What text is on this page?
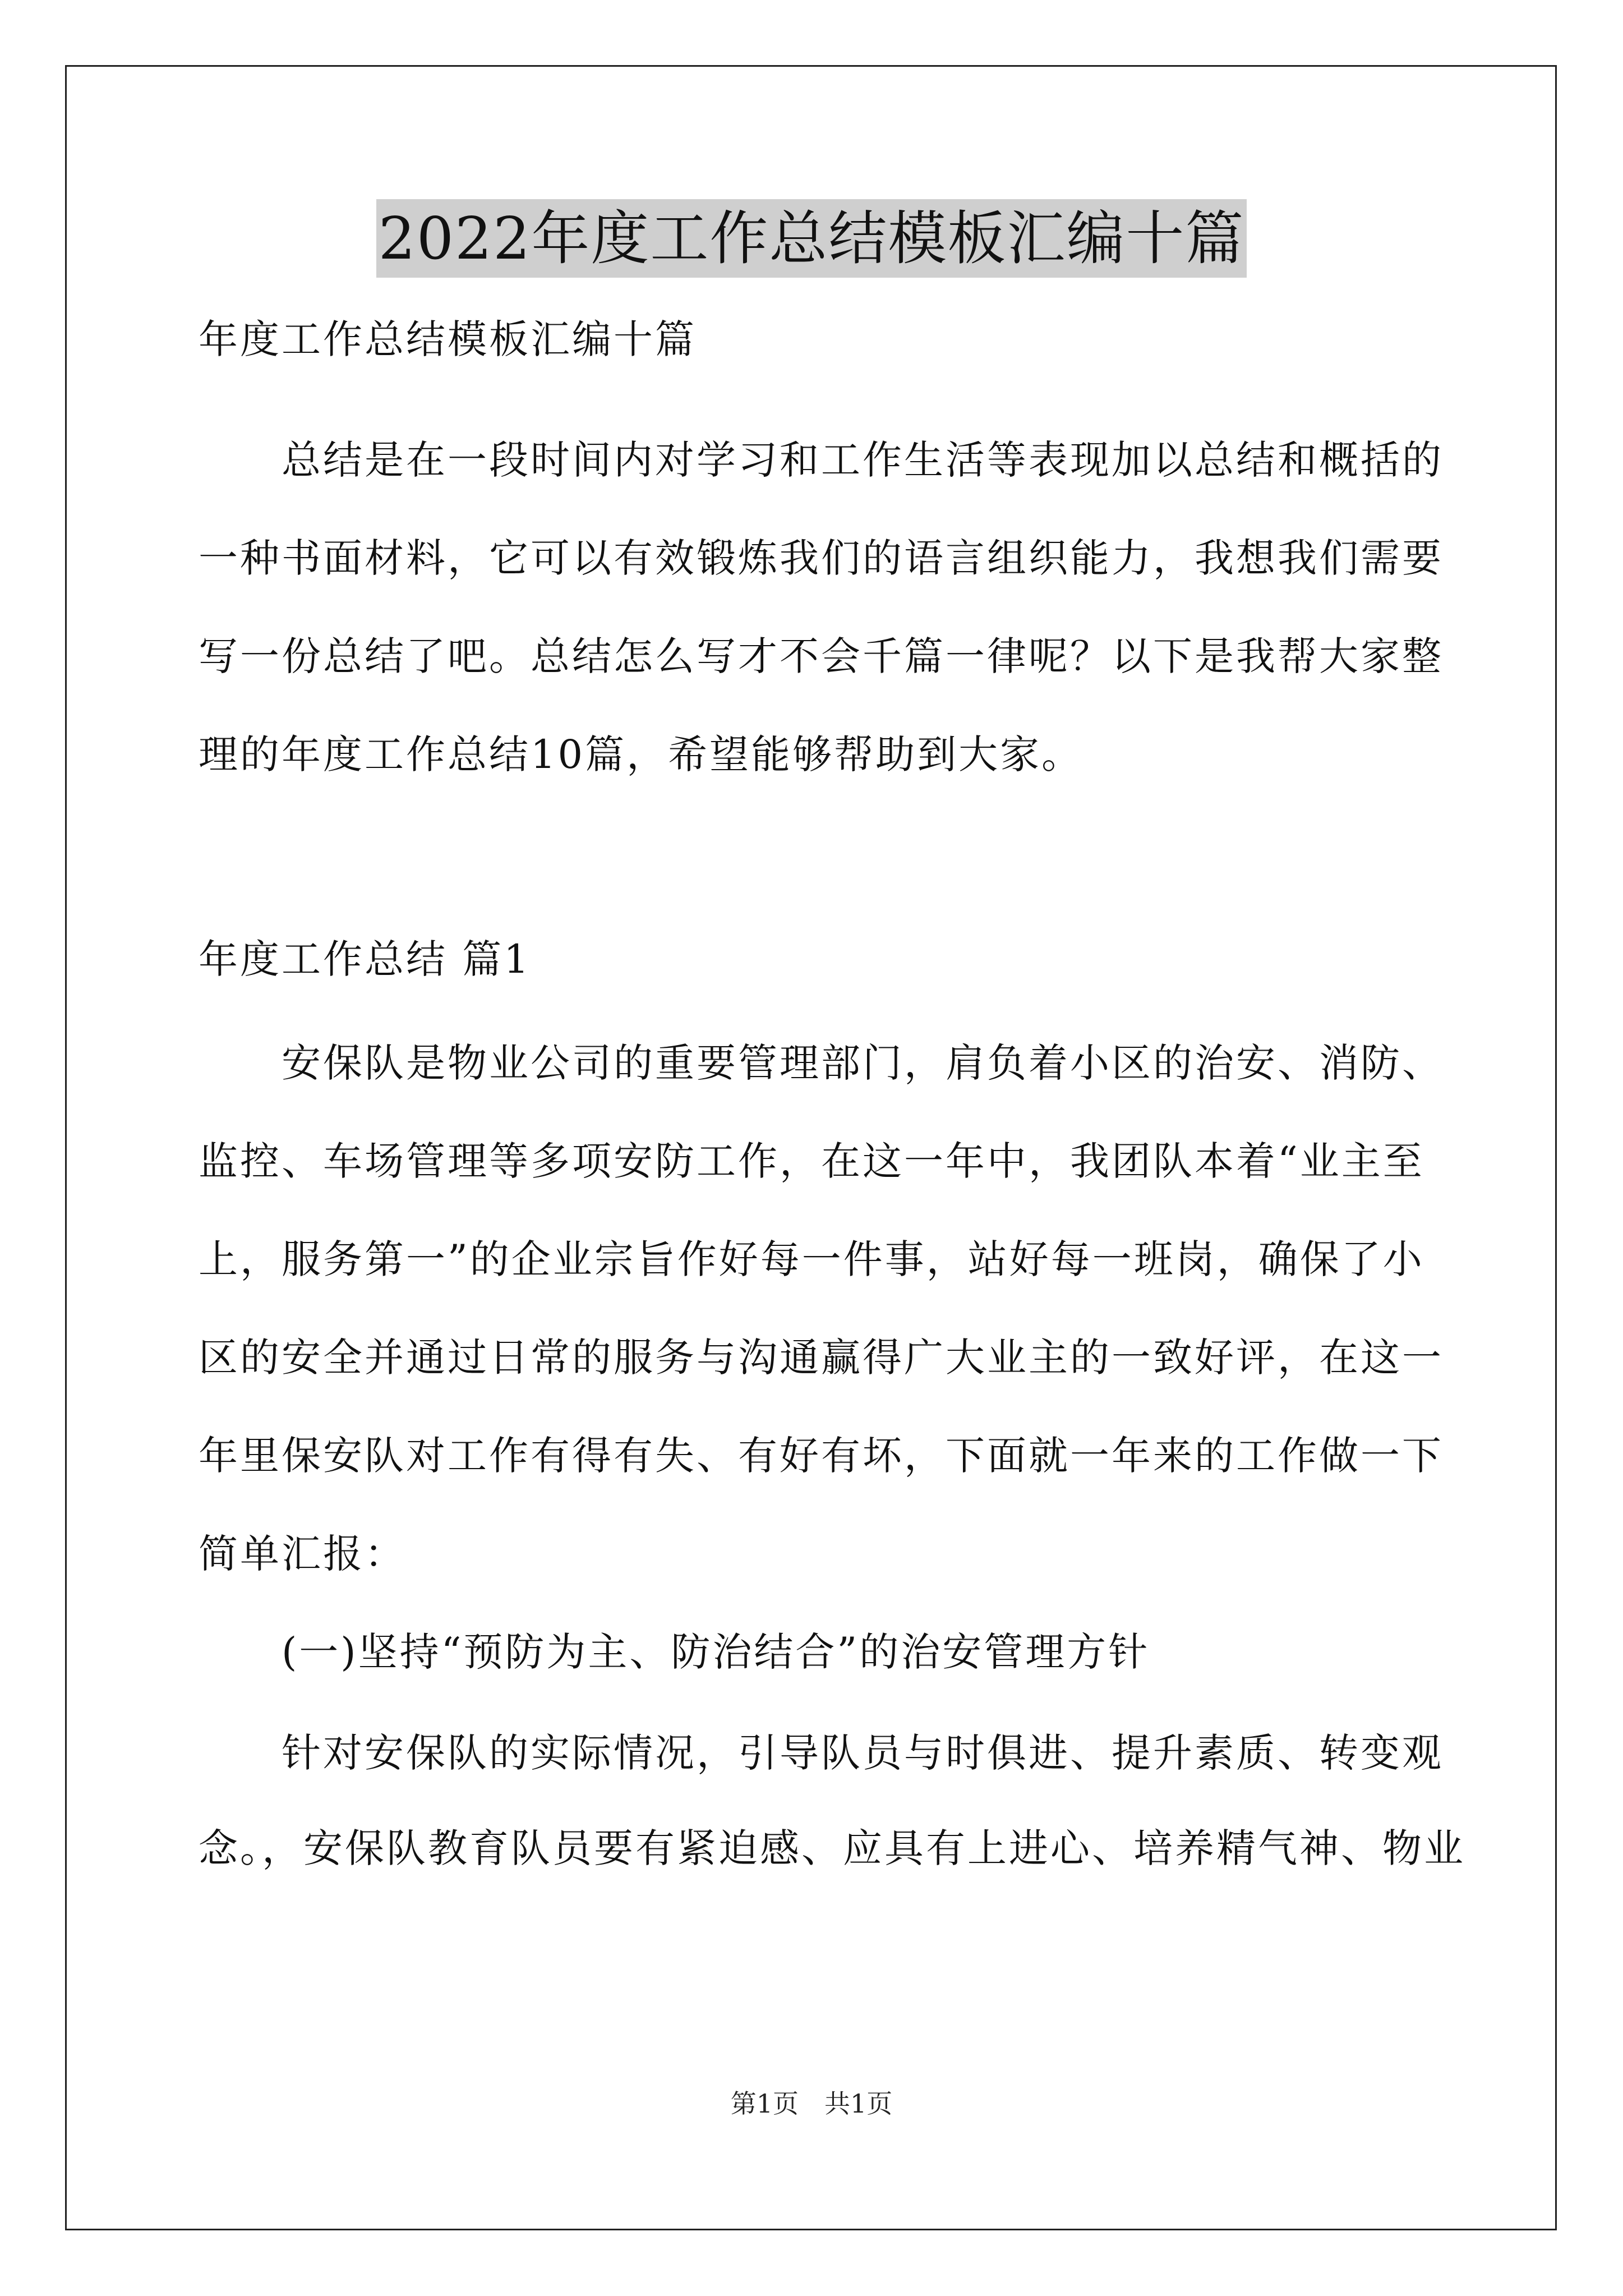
2022年度工作总结模板汇编十篇
年度工作总结模板汇编十篇
　　总结是在一段时间内对学习和工作生活等表现加以总结和概括的
一种书面材料，它可以有效锻炼我们的语言组织能力，我想我们需要
写一份总结了吧。总结怎么写才不会千篇一律呢？以下是我帮大家整
理的年度工作总结10篇，希望能够帮助到大家。
年度工作总结 篇1
　　安保队是物业公司的重要管理部门，肩负着小区的治安、消防、
监控、车场管理等多项安防工作，在这一年中，我团队本着“业主至
上，服务第一”的企业宗旨作好每一件事，站好每一班岗，确保了小
区的安全并通过日常的服务与沟通赢得广大业主的一致好评，在这一
年里保安队对工作有得有失、有好有坏，下面就一年来的工作做一下
简单汇报：
　　(一)坚持“预防为主、防治结合”的治安管理方针
　　针对安保队的实际情况，引导队员与时俱进、提升素质、转变观
念。，安保队教育队员要有紧迫感、应具有上进心、培养精气神、物业
第1页　共1页
